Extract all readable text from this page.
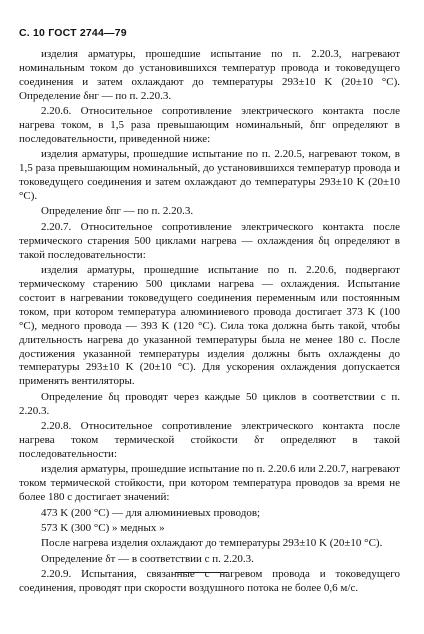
С. 10 ГОСТ 2744—79

изделия арматуры, прошедшие испытание по п. 2.20.3, нагревают номинальным током до установившихся температур провода и токоведущего соединения и затем охлаждают до температуры 293±10 K (20±10 °С). Определение δнг — по п. 2.20.3.

2.20.6. Относительное сопротивление электрического контакта после нагрева током, в 1,5 раза превышающим номинальный, δпг определяют в последовательности, приведенной ниже:

изделия арматуры, прошедшие испытание по п. 2.20.5, нагревают током, в 1,5 раза превышающим номинальный, до установившихся температур провода и токоведущего соединения и затем охлаждают до температуры 293±10 K (20±10 °С).

Определение δпг — по п. 2.20.3.

2.20.7. Относительное сопротивление электрического контакта после термического старения 500 циклами нагрева — охлаждения δц определяют в такой последовательности:

изделия арматуры, прошедшие испытание по п. 2.20.6, подвергают термическому старению 500 циклами нагрева — охлаждения. Испытание состоит в нагревании токоведущего соединения переменным или постоянным током, при котором температура алюминиевого провода достигает 373 K (100 °С), медного провода — 393 K (120 °С). Сила тока должна быть такой, чтобы длительность нагрева до указанной температуры была не менее 180 с. После достижения указанной температуры изделия должны быть охлаждены до температуры 293±10 K (20±10 °С). Для ускорения охлаждения допускается применять вентиляторы.

Определение δц проводят через каждые 50 циклов в соответствии с п. 2.20.3.

2.20.8. Относительное сопротивление электрического контакта после нагрева током термической стойкости δт определяют в такой последовательности:

изделия арматуры, прошедшие испытание по п. 2.20.6 или 2.20.7, нагревают током термической стойкости, при котором температура проводов за время не более 180 с достигает значений:

473 K (200 °С) — для алюминиевых проводов;

573 K (300 °С) » медных »

После нагрева изделия охлаждают до температуры 293±10 K (20±10 °С).

Определение δт — в соответствии с п. 2.20.3.

2.20.9. Испытания, связанные с нагревом провода и токоведущего соединения, проводят при скорости воздушного потока не более 0,6 м/с.
